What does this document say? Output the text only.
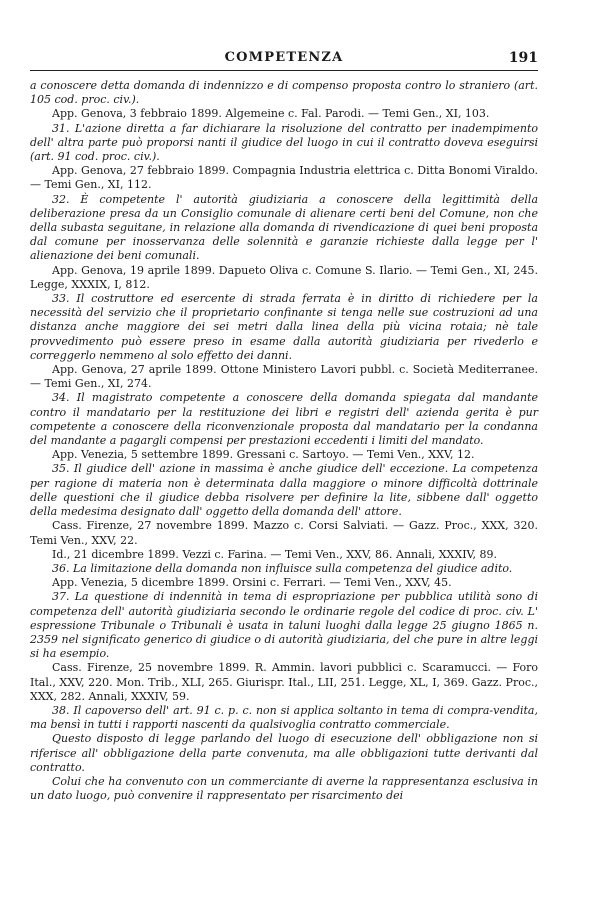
COMPETENZA	191

a conoscere detta domanda di indennizzo e di compenso proposta contro lo straniero (art. 105 cod. proc. civ.).

App. Genova, 3 febbraio 1899. Algemeine c. Fal. Parodi. — Temi Gen., XI, 103.

31. L'azione diretta a far dichiarare la risoluzione del contratto per inadempimento dell' altra parte può proporsi nanti il giudice del luogo in cui il contratto doveva eseguirsi (art. 91 cod. proc. civ.).

App. Genova, 27 febbraio 1899. Compagnia Industria elettrica c. Ditta Bonomi Viraldo. — Temi Gen., XI, 112.

32. È competente l' autorità giudiziaria a conoscere della legittimità della deliberazione presa da un Consiglio comunale di alienare certi beni del Comune, non che della subasta seguitane, in relazione alla domanda di rivendicazione di quei beni proposta dal comune per inosservanza delle solennità e garanzie richieste dalla legge per l' alienazione dei beni comunali.

App. Genova, 19 aprile 1899. Dapueto Oliva c. Comune S. Ilario. — Temi Gen., XI, 245. Legge, XXXIX, I, 812.

33. Il costruttore ed esercente di strada ferrata è in diritto di richiedere per la necessità del servizio che il proprietario confinante si tenga nelle sue costruzioni ad una distanza anche maggiore dei sei metri dalla linea della più vicina rotaia; nè tale provvedimento può essere preso in esame dalla autorità giudiziaria per rivederlo e correggerlo nemmeno al solo effetto dei danni.

App. Genova, 27 aprile 1899. Ottone Ministero Lavori pubbl. c. Società Mediterranee. — Temi Gen., XI, 274.

34. Il magistrato competente a conoscere della domanda spiegata dal mandante contro il mandatario per la restituzione dei libri e registri dell' azienda gerita è pur competente a conoscere della riconvenzionale proposta dal mandatario per la condanna del mandante a pagargli compensi per prestazioni eccedenti i limiti del mandato.

App. Venezia, 5 settembre 1899. Gressani c. Sartoyo. — Temi Ven., XXV, 12.

35. Il giudice dell' azione in massima è anche giudice dell' eccezione. La competenza per ragione di materia non è determinata dalla maggiore o minore difficoltà dottrinale delle questioni che il giudice debba risolvere per definire la lite, sibbene dall' oggetto della medesima designato dall' oggetto della domanda dell' attore.

Cass. Firenze, 27 novembre 1899. Mazzo c. Corsi Salviati. — Gazz. Proc., XXX, 320. Temi Ven., XXV, 22.

Id., 21 dicembre 1899. Vezzi c. Farina. — Temi Ven., XXV, 86. Annali, XXXIV, 89.

36. La limitazione della domanda non influisce sulla competenza del giudice adito.

App. Venezia, 5 dicembre 1899. Orsini c. Ferrari. — Temi Ven., XXV, 45.

37. La questione di indennità in tema di espropriazione per pubblica utilità sono di competenza dell' autorità giudiziaria secondo le ordinarie regole del codice di proc. civ. L' espressione Tribunale o Tribunali è usata in taluni luoghi dalla legge 25 giugno 1865 n. 2359 nel significato generico di giudice o di autorità giudiziaria, del che pure in altre leggi si ha esempio.

Cass. Firenze, 25 novembre 1899. R. Ammin. lavori pubblici c. Scaramucci. — Foro Ital., XXV, 220. Mon. Trib., XLI, 265. Giurispr. Ital., LII, 251. Legge, XL, I, 369. Gazz. Proc., XXX, 282. Annali, XXXIV, 59.

38. Il capoverso dell' art. 91 c. p. c. non si applica soltanto in tema di compra-vendita, ma bensì in tutti i rapporti nascenti da qualsivoglia contratto commerciale.

Questo disposto di legge parlando del luogo di esecuzione dell' obbligazione non si riferisce all' obbligazione della parte convenuta, ma alle obbligazioni tutte derivanti dal contratto.

Colui che ha convenuto con un commerciante di averne la rappresentanza esclusiva in un dato luogo, può convenire il rappresentato per risarcimento dei
